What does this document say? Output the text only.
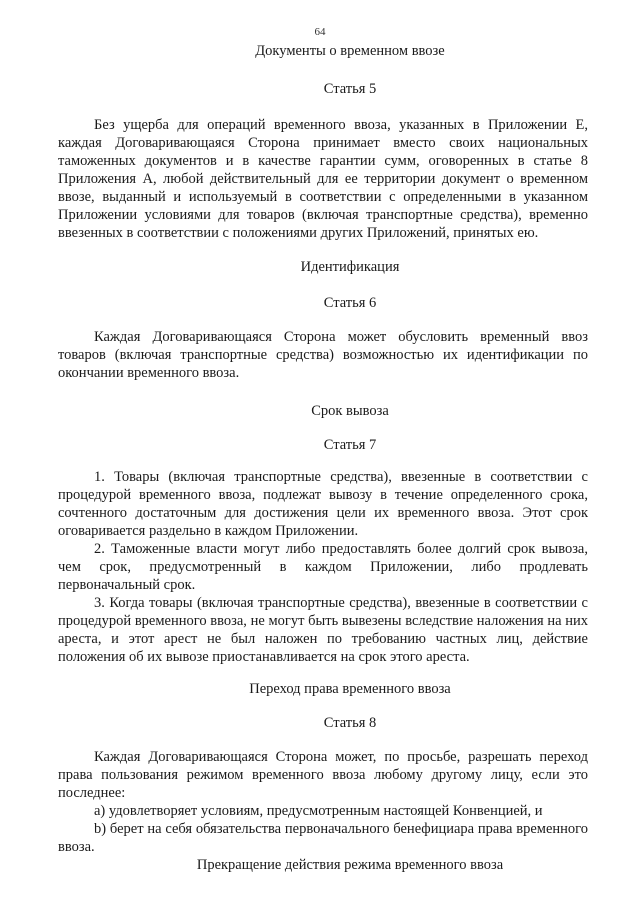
64
Документы о временном ввозе
Статья 5
Без ущерба для операций временного ввоза, указанных в Приложении E, каждая Договаривающаяся Сторона принимает вместо своих национальных таможенных документов и в качестве гарантии сумм, оговоренных в статье 8 Приложения А, любой действительный для ее территории документ о временном ввозе, выданный и используемый в соответствии с определенными в указанном Приложении условиями для товаров (включая транспортные средства), временно ввезенных в соответствии с положениями других Приложений, принятых ею.
Идентификация
Статья 6
Каждая Договаривающаяся Сторона может обусловить временный ввоз товаров (включая транспортные средства) возможностью их идентификации по окончании временного ввоза.
Срок вывоза
Статья 7

1. Товары (включая транспортные средства), ввезенные в соответствии с процедурой временного ввоза, подлежат вывозу в течение определенного срока, сочтенного достаточным для достижения цели их временного ввоза. Этот срок оговаривается раздельно в каждом Приложении.

2. Таможенные власти могут либо предоставлять более долгий срок вывоза, чем срок, предусмотренный в каждом Приложении, либо продлевать первоначальный срок.

3. Когда товары (включая транспортные средства), ввезенные в соответствии с процедурой временного ввоза, не могут быть вывезены вследствие наложения на них ареста, и этот арест не был наложен по требованию частных лиц, действие положения об их вывозе приостанавливается на срок этого ареста.

Переход права временного ввоза
Статья 8

Каждая Договаривающаяся Сторона может, по просьбе, разрешать переход права пользования режимом временного ввоза любому другому лицу, если это последнее:

a) удовлетворяет условиям, предусмотренным настоящей Конвенцией, и

b) берет на себя обязательства первоначального бенефициара права временного ввоза.

Прекращение действия режима временного ввоза
